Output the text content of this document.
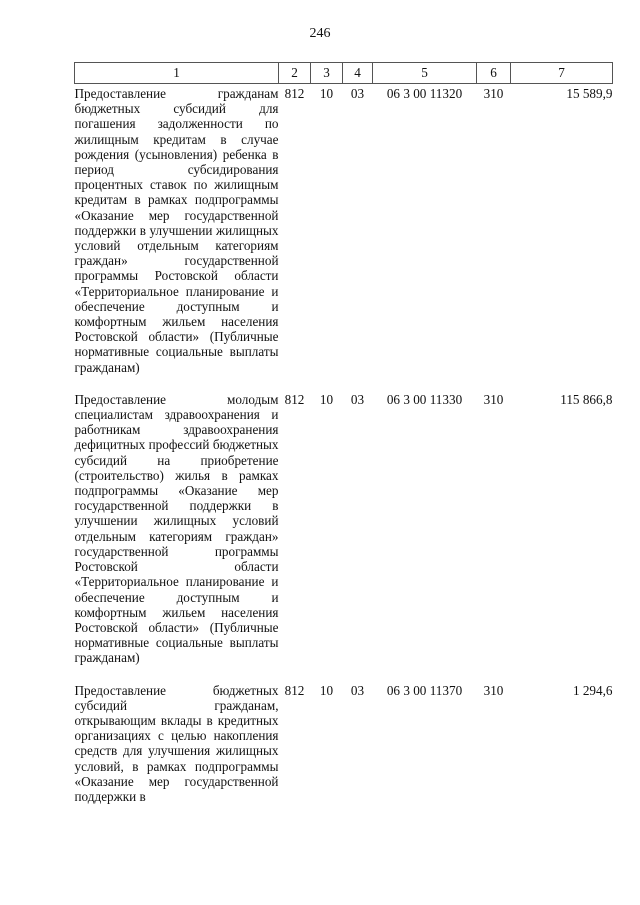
246
1	2	3	4	5	6	7
Предоставление гражданам бюджетных субсидий для погашения задолженности по жилищным кредитам в случае рождения (усыновления) ребенка в период субсидирования процентных ставок по жилищным кредитам в рамках подпрограммы «Оказание мер государственной поддержки в улучшении жилищных условий отдельным категориям граждан» государственной программы Ростовской области «Территориальное планирование и обеспечение доступным и комфортным жильем населения Ростовской области» (Публичные нормативные социальные выплаты гражданам)	812	10	03	06 3 00 11320	310	15 589,9
Предоставление молодым специалистам здравоохранения и работникам здравоохранения дефицитных профессий бюджетных субсидий на приобретение (строительство) жилья в рамках подпрограммы «Оказание мер государственной поддержки в улучшении жилищных условий отдельным категориям граждан» государственной программы Ростовской области «Территориальное планирование и обеспечение доступным и комфортным жильем населения Ростовской области» (Публичные нормативные социальные выплаты гражданам)	812	10	03	06 3 00 11330	310	115 866,8
Предоставление бюджетных субсидий гражданам, открывающим вклады в кредитных организациях с целью накопления средств для улучшения жилищных условий, в рамках подпрограммы «Оказание мер государственной поддержки в	812	10	03	06 3 00 11370	310	1 294,6
